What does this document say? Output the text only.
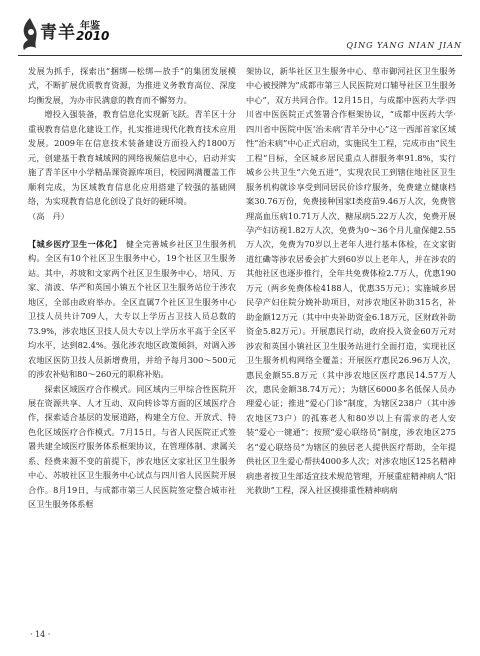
青羊 年鉴
2010
QING YANG NIAN JIAN

发展为抓手，探索出“捆绑—松绑—放手”的集团发展模式，不断扩展优质教育资源，为推进义务教育高位、深度均衡发展，为办市民满意的教育而不懈努力。

增投入强装备，教育信息化实现新飞跃。青羊区十分重视教育信息化建设工作，扎实推进现代化教育技术应用发展。2009年在信息技术装备建设方面投入约1800万元，创建基于教育城域网的网络视频信息中心，启动并实施了青羊区中小学精品课资源库项目，校园网满覆盖工作顺利完成，为区域教育信息化应用搭建了较强的基础网络，为实现教育信息化创设了良好的硬环境。

（高　丹）

【城乡医疗卫生一体化】　 健全完善城乡社区卫生服务机构。全区有10个社区卫生服务中心，19个社区卫生服务站。其中，苏坡和文家两个社区卫生服务中心，培风、万家、清波、华严和英国小镇五个社区卫生服务站位于涉农地区，全部由政府举办。全区直属7个社区卫生服务中心卫技人员共计709人，大专以上学历占卫技人员总数的73.9%，涉农地区卫技人员大专以上学历水平高于全区平均水平，达到82.4%。强化涉农地区政策倾斜，对调入涉农地区医防卫技人员新增费用，并给予每月300～500元的涉农补贴和80～260元的职称补贴。

探索区域医疗合作模式。同区域内三甲综合性医院开展在资源共享、人才互动、双向转诊等方面的区域医疗合作，探索适合基层的发展道路，构建全方位、开放式、特色化区域医疗合作模式。7月15日，与省人民医院正式签署共建全域医疗服务体系框架协议，在管理体制、隶属关系、经费来源不变的前提下，涉农地区文家社区卫生服务中心、苏坡社区卫生服务中心试点与四川省人民医院开展合作。8月19日，与成都市第三人民医院签定整合城市社区卫生服务体系框

架协议，新华社区卫生服务中心、草市御河社区卫生服务中心被授牌为“成都市第三人民医院对口辅导社区卫生服务中心”，双方共同合作。12月15日，与成都中医药大学·四川省中医医院正式签署合作框架协议，“成都中医药大学·四川省中医院中医‘治未病’青羊分中心”这一西部首家区域性“治未病”中心正式启动，实施民生工程，完成市由“民生工程”目标，全区城乡居民重点人群服务率91.8%，实行城乡公共卫生“六免五进”，实现农民工到辖住地社区卫生服务机构就诊享受到同居民价诊疗服务，免费建立健康档案30.76万份，免费接种国家Ⅰ类疫苗9.46万人次，免费管理高血压病10.71万人次、糖尿病5.22万人次，免费开展孕产妇访视1.82万人次，免费为0～36个月儿童保健2.55万人次，免费为70岁以上老年人进行基本体检，在文家街道红磡等涉农居委会扩大到60岁以上老年人，并在涉农的其他社区也逐步推行，全年共免费体检2.7万人，优惠190万元（两乡免费体检4188人，优惠35万元）；实施城乡居民孕产妇住院分娩补助项目，对涉农地区补助315名，补助金额12万元（其中中央补助资金6.18万元，区财政补助资金5.82万元）。开展惠民行动，政府投入资金60万元对涉农和英国小镇社区卫生服务站进行全面打造，实现社区卫生服务机构网络全覆盖；开展医疗惠民26.96万人次，惠民金额55.8万元（其中涉农地区医疗惠民14.57万人次，惠民金额38.74万元）；为辖区6000多名低保人员办理爱心证；推进“爱心门诊”制度，为辖区238户（其中涉农地区73户）的孤寡老人和80岁以上有需求的老人安装“爱心一键通”；按照“爱心联络员”制度，涉农地区275名“爱心联络员”为辖区的独居老人提供医疗帮助，全年提供社区卫生爱心帮扶4000多人次；对涉农地区125名精神病患者按卫生部适宜技术规范管理，开展重症精神病人“阳光救助”工程，深入社区摸排重性精神病病

· 14 ·
